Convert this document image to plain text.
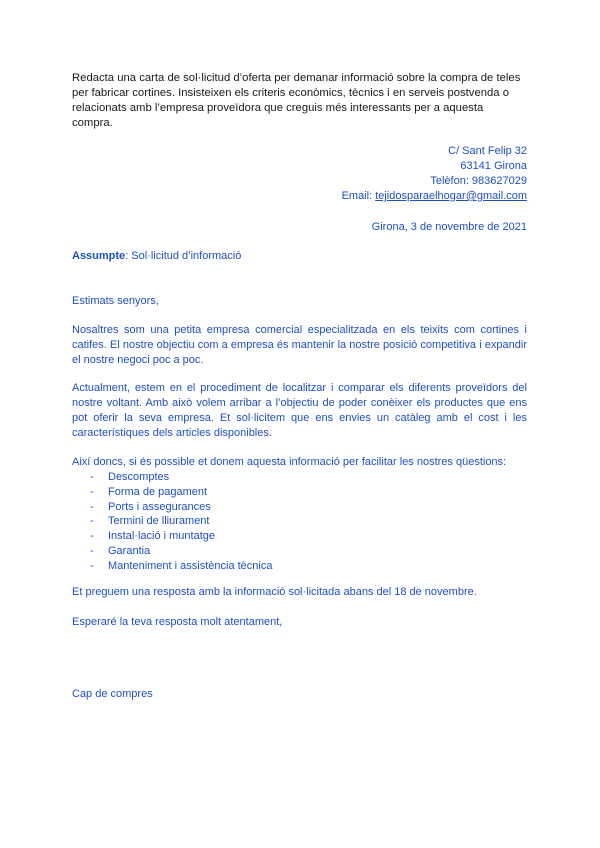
Redacta una carta de sol·licitud d’oferta per demanar informació sobre la compra de teles per fabricar cortines. Insisteixen els criteris econòmics, tècnics i en serveis postvenda o relacionats amb l’empresa proveïdora que creguis més interessants per a aquesta compra.
C/ Sant Felip 32
63141 Girona
Telèfon: 983627029
Email: tejidosparaelhogar@gmail.com
Girona, 3 de novembre de 2021
Assumpte: Sol·licitud d’informació
Estimats senyors,
Nosaltres som una petita empresa comercial especialitzada en els teixits com cortines i catifes. El nostre objectiu com a empresa és mantenir la nostre posició competitiva i expandir el nostre negoci poc a poc.
Actualment, estem en el procediment de localitzar i comparar els diferents proveïdors del nostre voltant. Amb això volem arribar a l’objectiu de poder conèixer els productes que ens pot oferir la seva empresa. Et sol·licitem que ens envies un catàleg amb el cost i les característiques dels articles disponibles.
Així doncs, si és possible et donem aquesta informació per facilitar les nostres qüestions:
-	Descomptes
-	Forma de pagament
-	Ports i assegurances
-	Termini de lliurament
-	Instal·lació i muntatge
-	Garantia
-	Manteniment i assistència tècnica
Et preguem una resposta amb la informació sol·licitada abans del 18 de novembre.
Esperaré la teva resposta molt atentament,
Cap de compres
